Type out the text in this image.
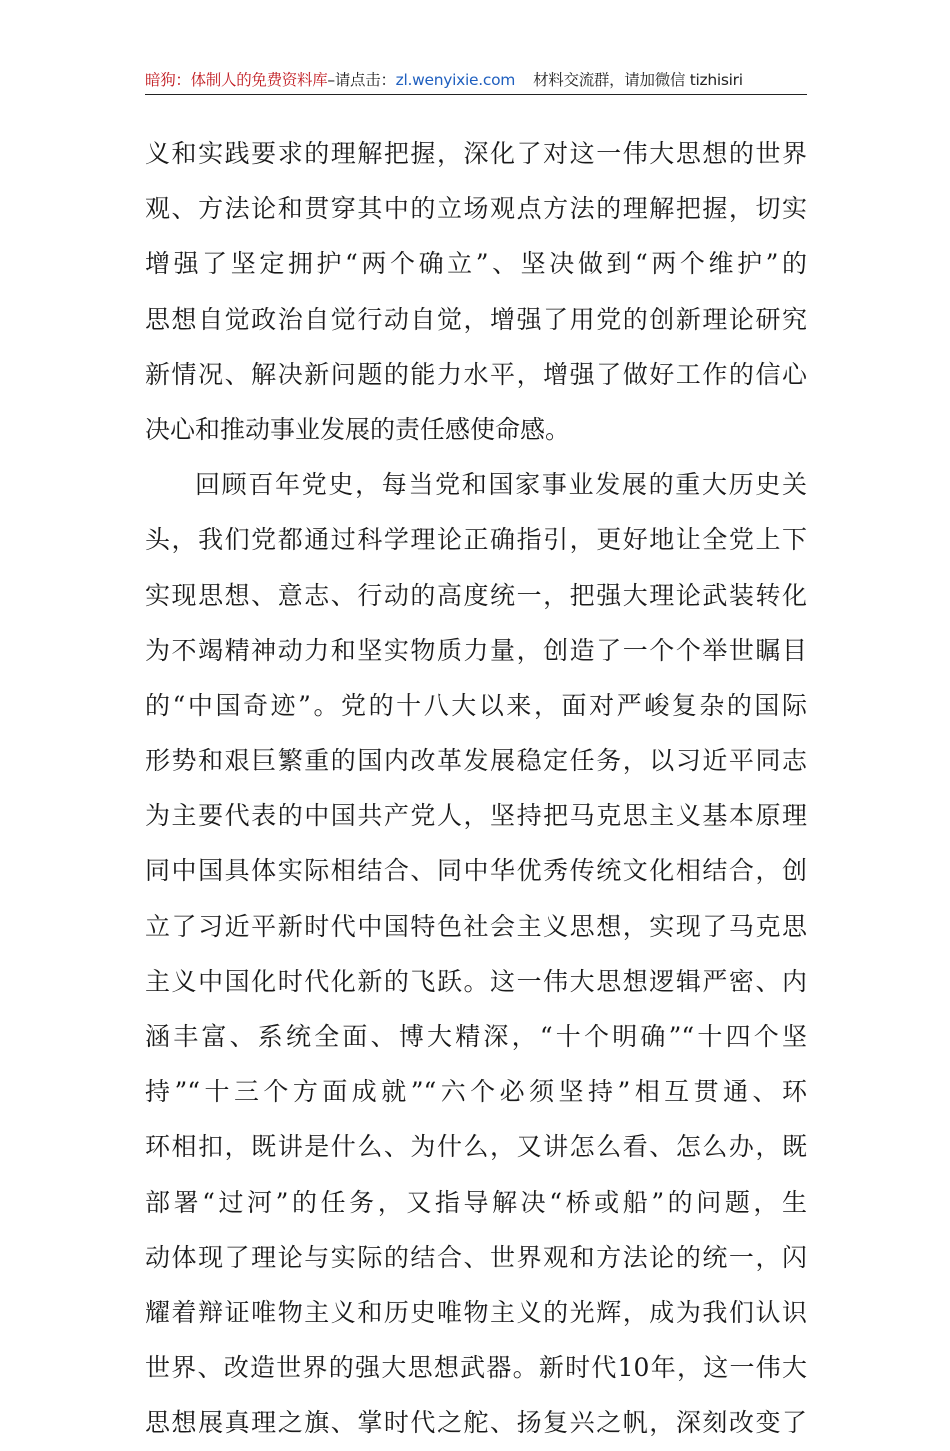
暗狗：体制人的免费资料库–请点击：zl.wenyixie.com 材料交流群，请加微信 tizhisiri
义和实践要求的理解把握，深化了对这一伟大思想的世界
观、方法论和贯穿其中的立场观点方法的理解把握，切实
增强了坚定拥护“两个确立”、坚决做到“两个维护”的
思想自觉政治自觉行动自觉，增强了用党的创新理论研究
新情况、解决新问题的能力水平，增强了做好工作的信心
决心和推动事业发展的责任感使命感。
回顾百年党史，每当党和国家事业发展的重大历史关
头，我们党都通过科学理论正确指引，更好地让全党上下
实现思想、意志、行动的高度统一，把强大理论武装转化
为不竭精神动力和坚实物质力量，创造了一个个举世瞩目
的“中国奇迹”。党的十八大以来，面对严峻复杂的国际
形势和艰巨繁重的国内改革发展稳定任务，以习近平同志
为主要代表的中国共产党人，坚持把马克思主义基本原理
同中国具体实际相结合、同中华优秀传统文化相结合，创
立了习近平新时代中国特色社会主义思想，实现了马克思
主义中国化时代化新的飞跃。这一伟大思想逻辑严密、内
涵丰富、系统全面、博大精深，“十个明确”“十四个坚
持”“十三个方面成就”“六个必须坚持”相互贯通、环
环相扣，既讲是什么、为什么，又讲怎么看、怎么办，既
部署“过河”的任务，又指导解决“桥或船”的问题，生
动体现了理论与实际的结合、世界观和方法论的统一，闪
耀着辩证唯物主义和历史唯物主义的光辉，成为我们认识
世界、改造世界的强大思想武器。新时代10年，这一伟大
思想展真理之旗、掌时代之舵、扬复兴之帆，深刻改变了
